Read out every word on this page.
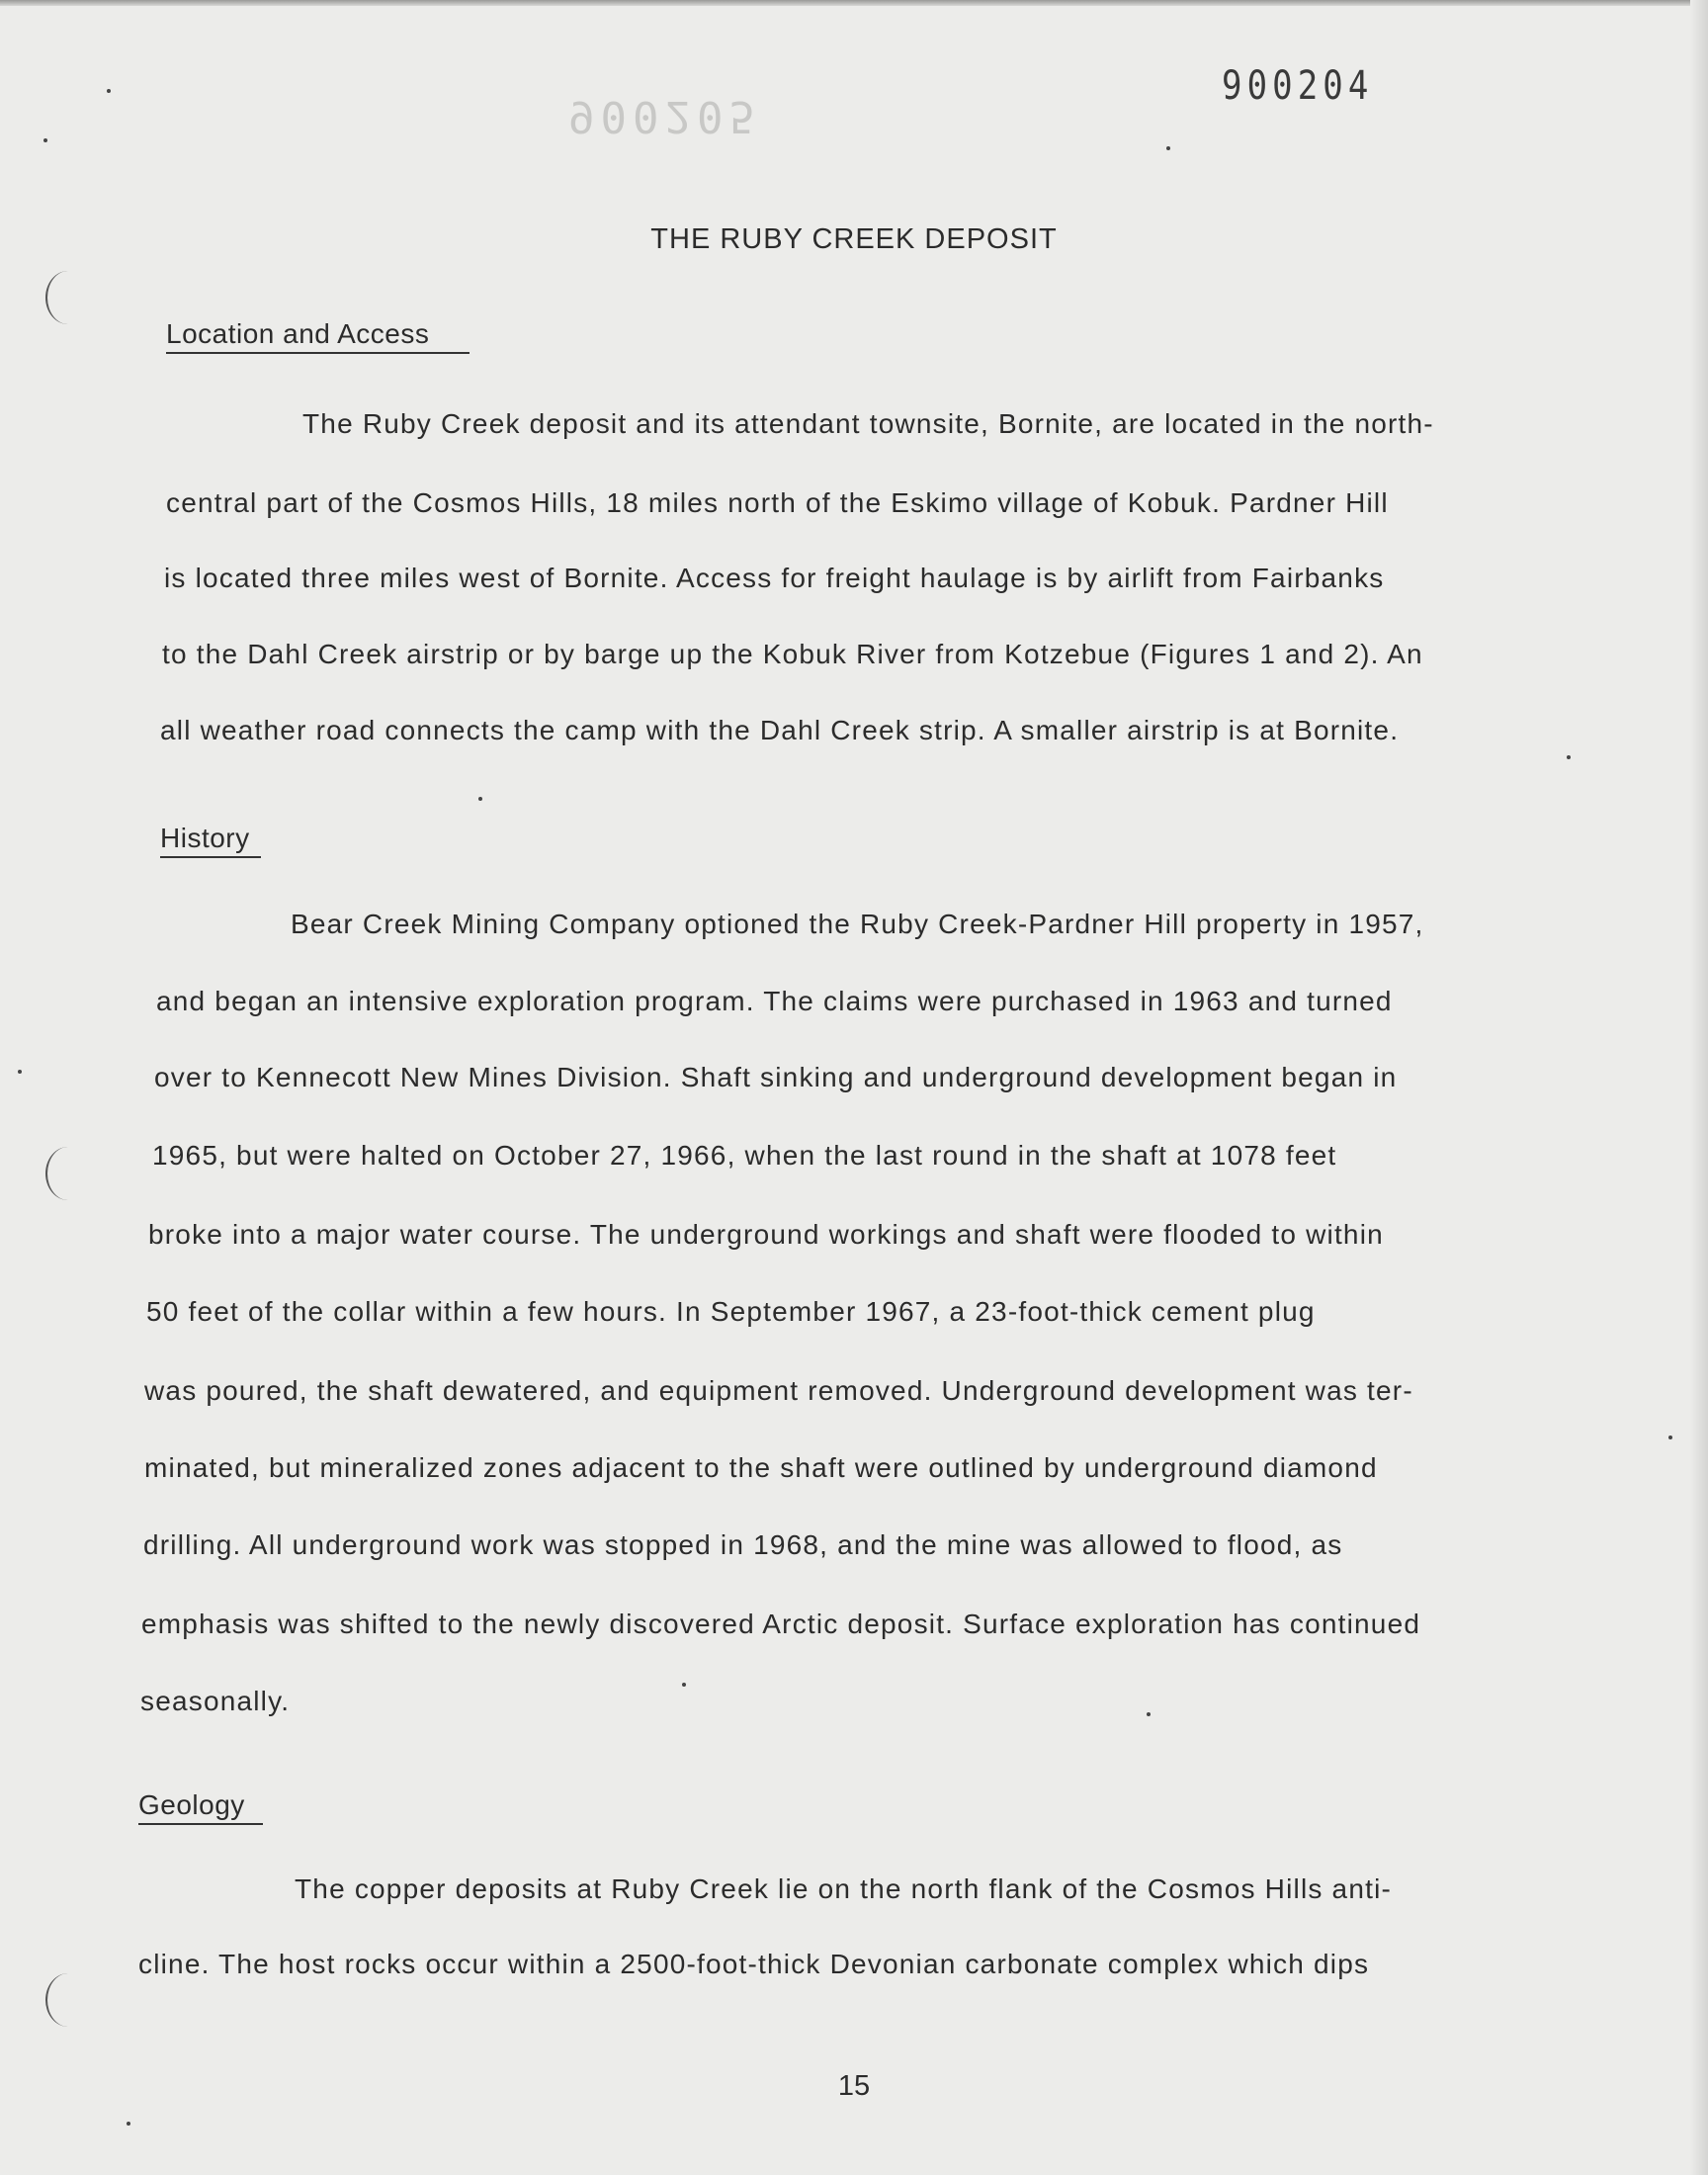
900205
900204
THE RUBY CREEK DEPOSIT
Location and Access
The Ruby Creek deposit and its attendant townsite, Bornite, are located in the north-
central part of the Cosmos Hills, 18 miles north of the Eskimo village of Kobuk. Pardner Hill
is located three miles west of Bornite. Access for freight haulage is by airlift from Fairbanks
to the Dahl Creek airstrip or by barge up the Kobuk River from Kotzebue (Figures 1 and 2). An
all weather road connects the camp with the Dahl Creek strip. A smaller airstrip is at Bornite.
History
Bear Creek Mining Company optioned the Ruby Creek-Pardner Hill property in 1957,
and began an intensive exploration program. The claims were purchased in 1963 and turned
over to Kennecott New Mines Division. Shaft sinking and underground development began in
1965, but were halted on October 27, 1966, when the last round in the shaft at 1078 feet
broke into a major water course. The underground workings and shaft were flooded to within
50 feet of the collar within a few hours. In September 1967, a 23-foot-thick cement plug
was poured, the shaft dewatered, and equipment removed. Underground development was ter-
minated, but mineralized zones adjacent to the shaft were outlined by underground diamond
drilling. All underground work was stopped in 1968, and the mine was allowed to flood, as
emphasis was shifted to the newly discovered Arctic deposit. Surface exploration has continued
seasonally.
Geology
The copper deposits at Ruby Creek lie on the north flank of the Cosmos Hills anti-
cline. The host rocks occur within a 2500-foot-thick Devonian carbonate complex which dips
15
